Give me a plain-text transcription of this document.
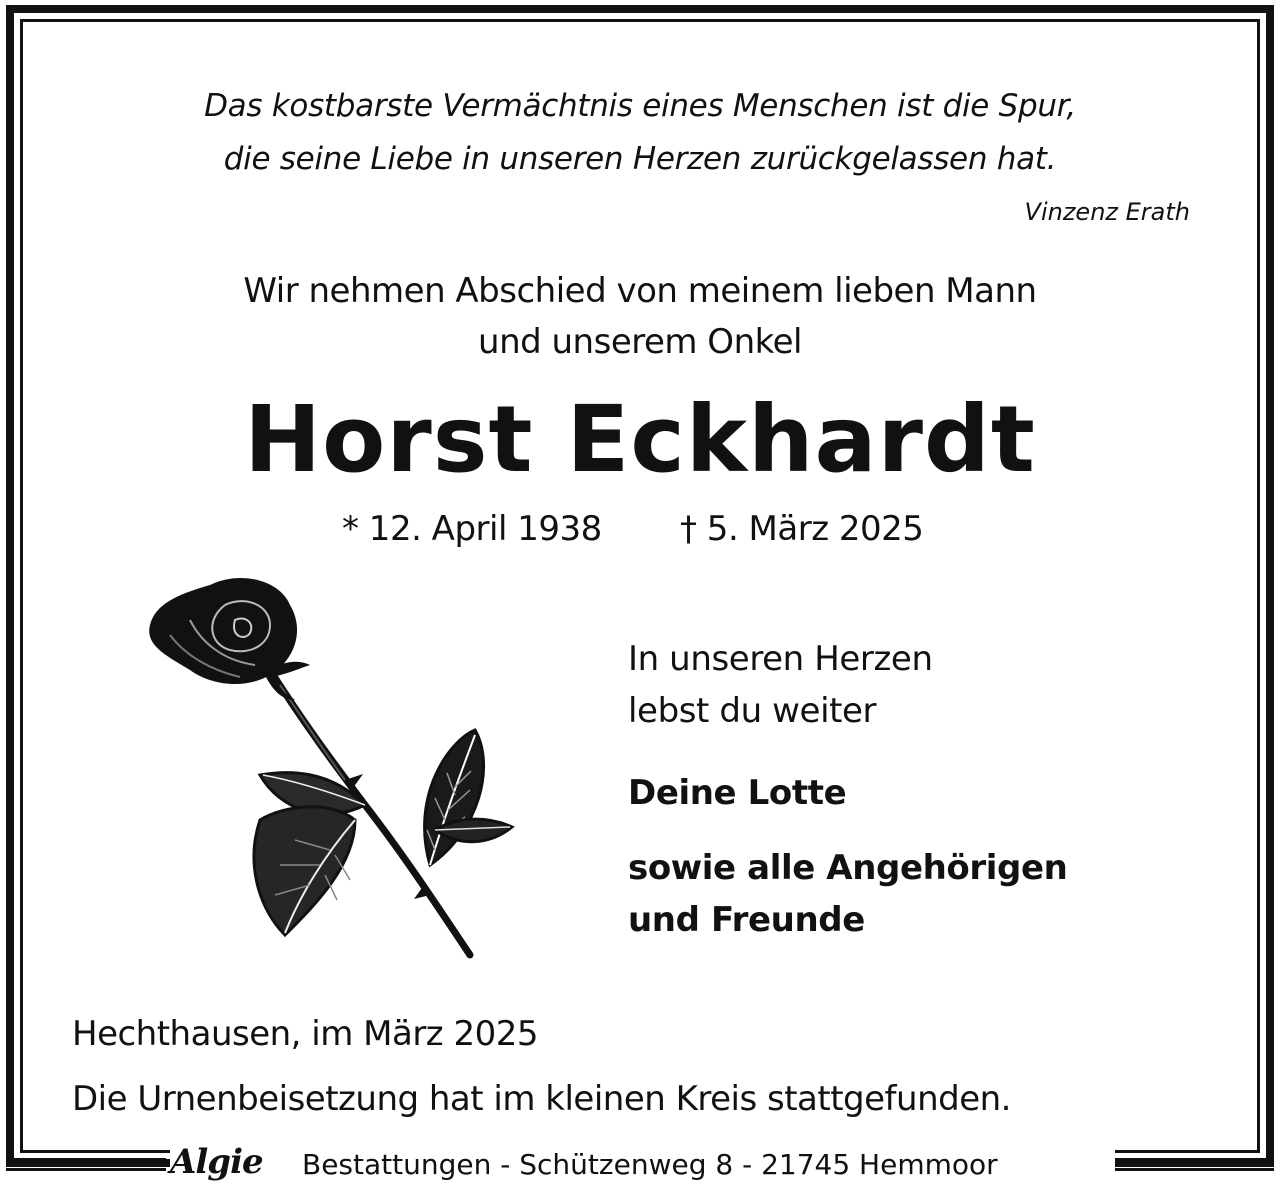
Das kostbarste Vermächtnis eines Menschen ist die Spur,
die seine Liebe in unseren Herzen zurückgelassen hat.
Vinzenz Erath
Wir nehmen Abschied von meinem lieben Mann
und unserem Onkel
Horst Eckhardt
* 12. April 1938 † 5. März 2025
In unseren Herzen
lebst du weiter
Deine Lotte
sowie alle Angehörigen
und Freunde
Hechthausen, im März 2025
Die Urnenbeisetzung hat im kleinen Kreis stattgefunden.
Algie Bestattungen - Schützenweg 8 - 21745 Hemmoor
